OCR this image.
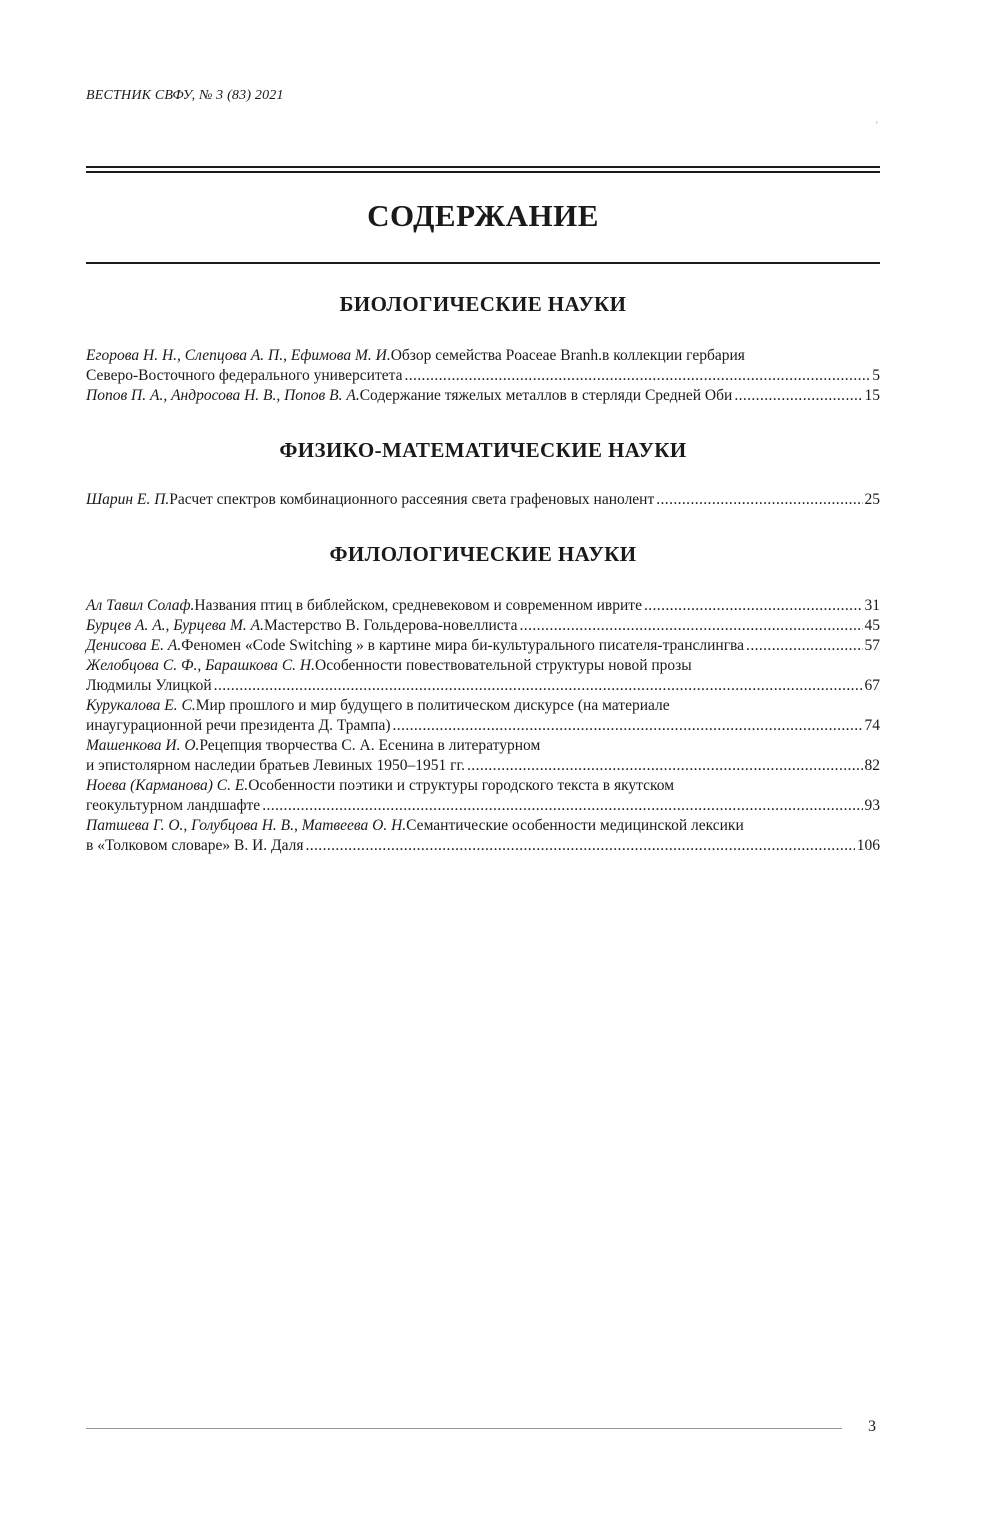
ВЕСТНИК СВФУ, № 3 (83) 2021
'
СОДЕРЖАНИЕ
БИОЛОГИЧЕСКИЕ НАУКИ
Егорова Н. Н., Слепцова А. П., Ефимова М. И. Обзор семейства Poaceae Branh.в коллекции гербария
Северо-Восточного федерального университета .....	5
Попов П. А., Андросова Н. В., Попов В. А. Содержание тяжелых металлов в стерляди Средней Оби .....	15
ФИЗИКО-МАТЕМАТИЧЕСКИЕ НАУКИ
Шарин Е. П. Расчет спектров комбинационного рассеяния света графеновых нанолент .....	25
ФИЛОЛОГИЧЕСКИЕ НАУКИ
Ал Тавил Солаф. Названия птиц в библейском, средневековом и современном иврите .....	31
Бурцев А. А., Бурцева М. А. Мастерство В. Гольдерова-новеллиста .....	45
Денисова Е. А. Феномен «Code Switching » в картине мира би-культурального писателя-транслингва .....	57
Желобцова С. Ф., Барашкова С. Н. Особенности повествовательной структуры новой прозы
Людмилы Улицкой .....	67
Курукалова Е. С. Мир прошлого и мир будущего в политическом дискурсе (на материале
инаугурационной речи президента Д. Трампа) .....	74
Машенкова И. О. Рецепция творчества С. А. Есенина в литературном
и эпистолярном наследии братьев Левиных 1950–1951 гг. .....	82
Ноева (Карманова) С. Е. Особенности поэтики и структуры городского текста в якутском
геокультурном ландшафте .....	93
Пaтшева Г. О., Голубцова Н. В., Матвеева О. Н. Семантические особенности медицинской лексики
в «Толковом словаре» В. И. Даля .....	106
3
